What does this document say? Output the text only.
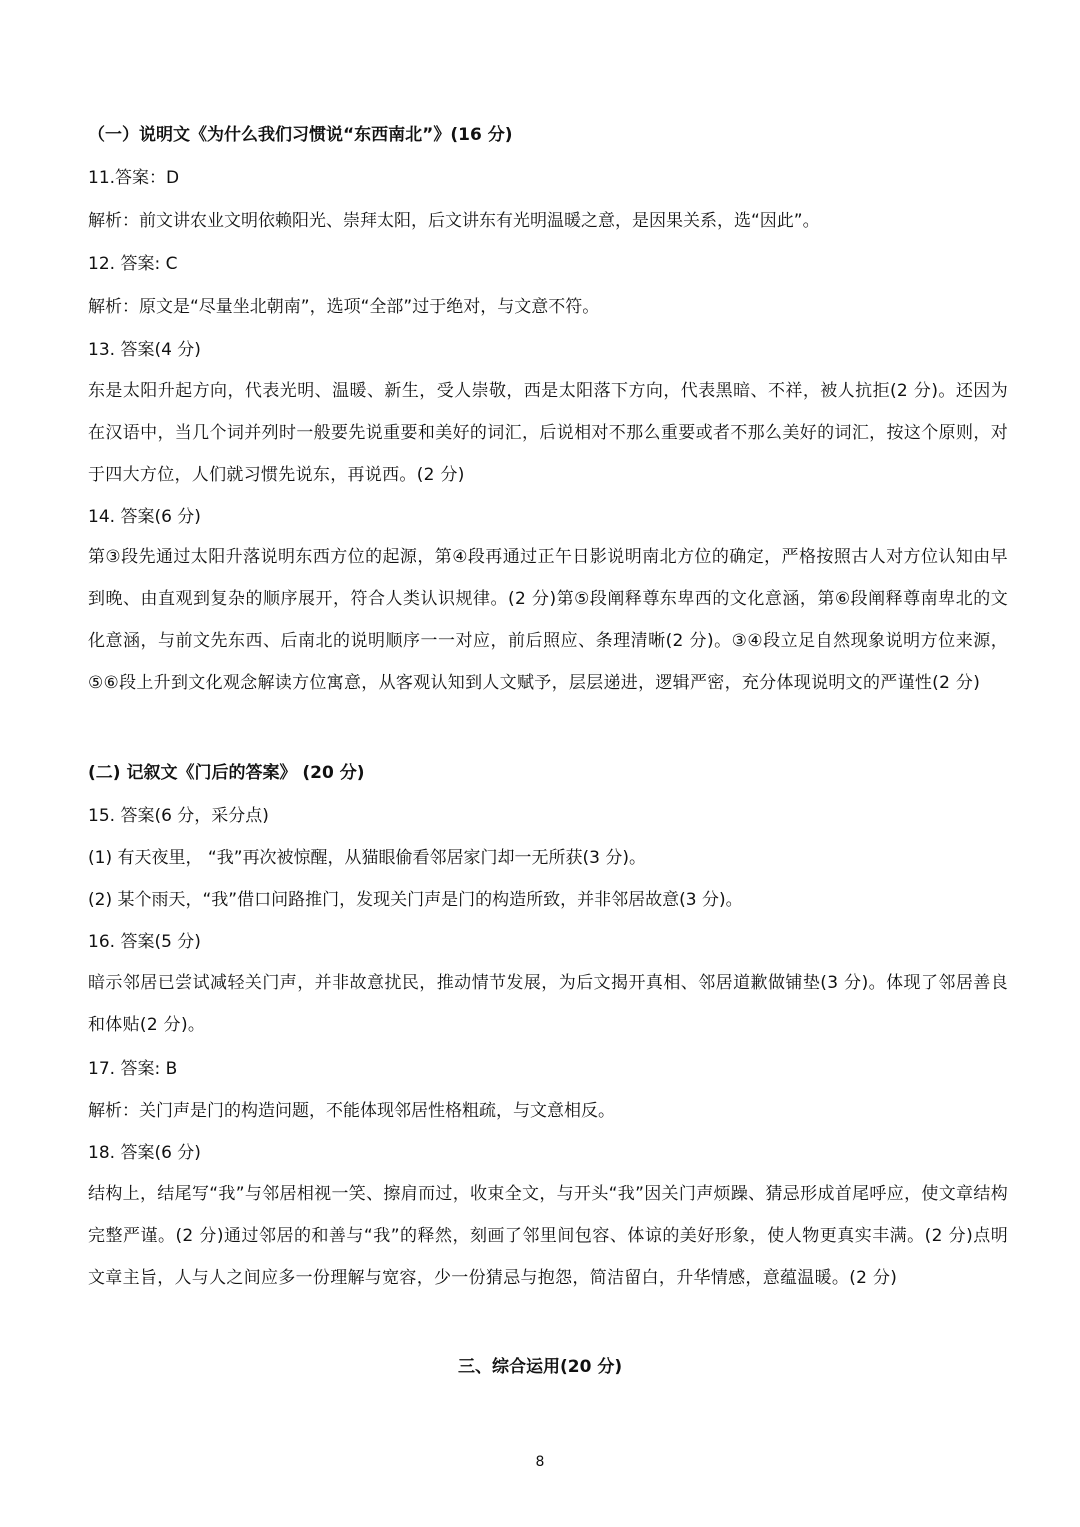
（一）说明文《为什么我们习惯说“东西南北”》(16 分)
11.答案：D
解析：前文讲农业文明依赖阳光、崇拜太阳，后文讲东有光明温暖之意，是因果关系，选“因此”。
12. 答案: C
解析：原文是“尽量坐北朝南”，选项“全部”过于绝对，与文意不符。
13. 答案(4 分)
东是太阳升起方向，代表光明、温暖、新生，受人崇敬，西是太阳落下方向，代表黑暗、不祥，被人抗拒(2 分)。还因为在汉语中，当几个词并列时一般要先说重要和美好的词汇，后说相对不那么重要或者不那么美好的词汇，按这个原则，对于四大方位，人们就习惯先说东，再说西。(2 分)
14. 答案(6 分)
第③段先通过太阳升落说明东西方位的起源，第④段再通过正午日影说明南北方位的确定，严格按照古人对方位认知由早到晚、由直观到复杂的顺序展开，符合人类认识规律。(2 分)第⑤段阐释尊东卑西的文化意涵，第⑥段阐释尊南卑北的文化意涵，与前文先东西、后南北的说明顺序一一对应，前后照应、条理清晰(2 分)。③④段立足自然现象说明方位来源，⑤⑥段上升到文化观念解读方位寓意，从客观认知到人文赋予，层层递进，逻辑严密，充分体现说明文的严谨性(2 分)
(二) 记叙文《门后的答案》 (20 分)
15. 答案(6 分，采分点)
(1) 有天夜里， “我”再次被惊醒，从猫眼偷看邻居家门却一无所获(3 分)。
(2) 某个雨天，“我”借口问路推门，发现关门声是门的构造所致，并非邻居故意(3 分)。
16. 答案(5 分)
暗示邻居已尝试减轻关门声，并非故意扰民，推动情节发展，为后文揭开真相、邻居道歉做铺垫(3 分)。体现了邻居善良和体贴(2 分)。
17. 答案: B
解析：关门声是门的构造问题，不能体现邻居性格粗疏，与文意相反。
18. 答案(6 分)
结构上，结尾写“我”与邻居相视一笑、擦肩而过，收束全文，与开头“我”因关门声烦躁、猜忌形成首尾呼应，使文章结构完整严谨。(2 分)通过邻居的和善与“我”的释然，刻画了邻里间包容、体谅的美好形象，使人物更真实丰满。(2 分)点明文章主旨，人与人之间应多一份理解与宽容，少一份猜忌与抱怨，简洁留白，升华情感，意蕴温暖。(2 分)
三、综合运用(20 分)
8
